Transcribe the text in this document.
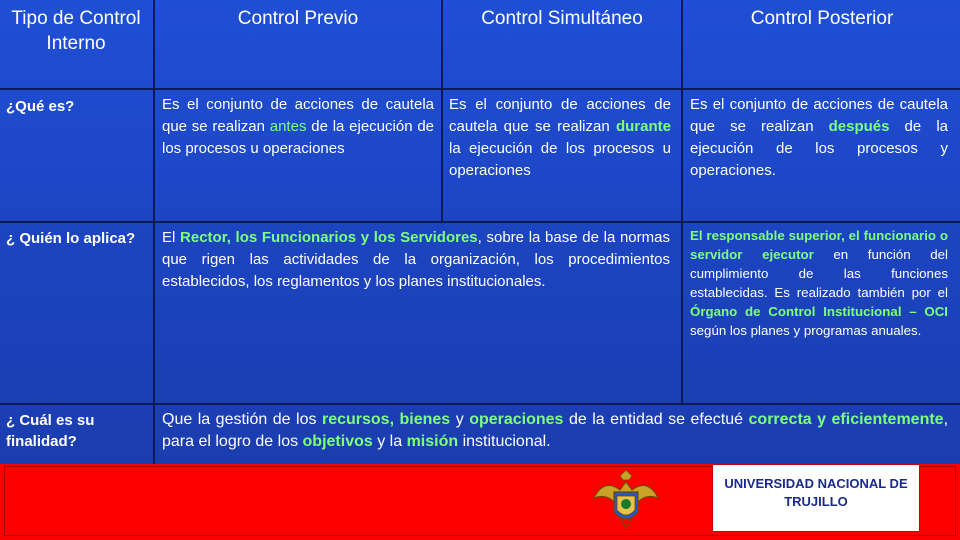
Tipo de Control Interno
Control Previo	Control Simultáneo	Control Posterior
¿Qué es?
¿ Quién lo aplica?
¿ Cuál es su finalidad?
Es el conjunto de acciones de cautela que se realizan antes de la ejecución de los procesos u operaciones
Es el conjunto de acciones de cautela que se realizan durante la ejecución de los procesos u operaciones
Es el conjunto de acciones de cautela que se realizan después de la ejecución de los procesos y operaciones.
El Rector, los Funcionarios y los Servidores, sobre la base de la normas que rigen las actividades de la organización, los procedimientos establecidos, los reglamentos y los planes institucionales.
El responsable superior, el funcionario o servidor ejecutor en función del cumplimiento de las funciones establecidas. Es realizado también por el Órgano de Control Institucional – OCI según los planes y programas anuales.
Que la gestión de los recursos, bienes y operaciones de la entidad se efectué correcta y eficientemente, para el logro de los objetivos y la misión institucional.
UNIVERSIDAD NACIONAL DE TRUJILLO
